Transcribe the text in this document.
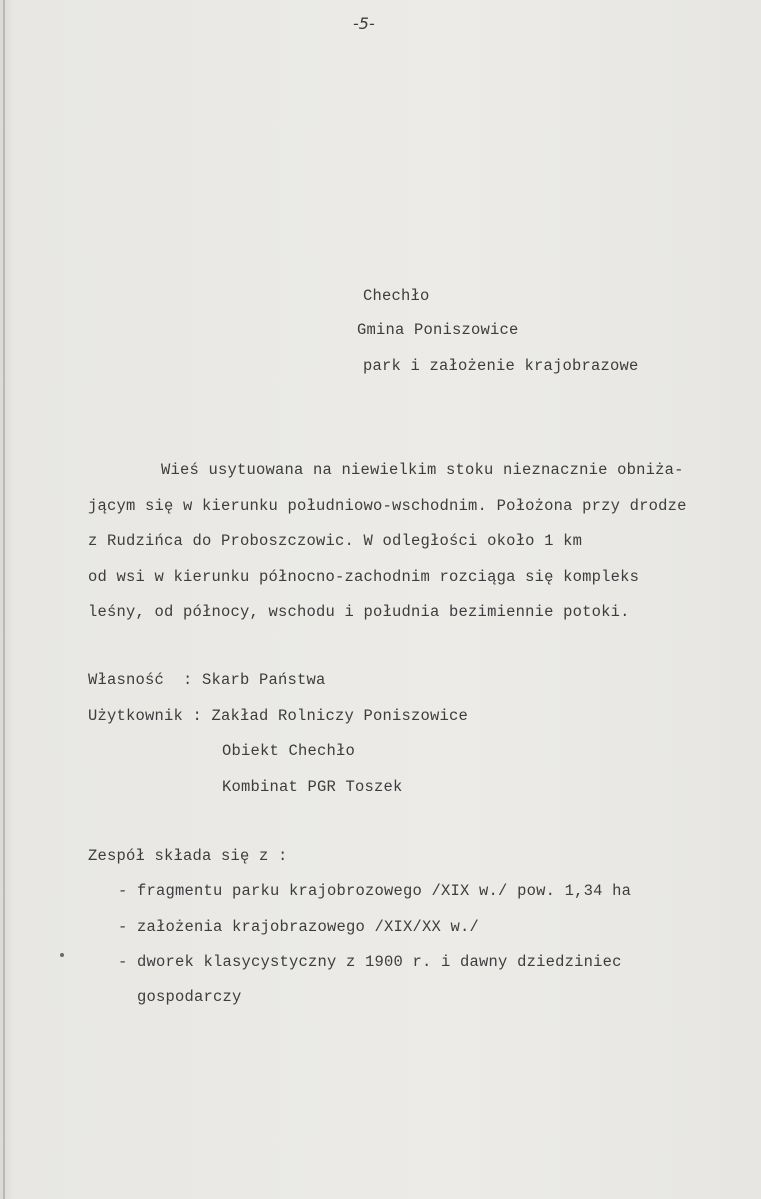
-5-
Chechło
Gmina Poniszowice
park i założenie krajobrazowe
Wieś usytuowana na niewielkim stoku nieznacznie obniża-
jącym się w kierunku południowo-wschodnim. Położona przy drodze
z Rudzińca do Proboszczowic. W odległości około 1 km
od wsi w kierunku północno-zachodnim rozciąga się kompleks
leśny, od północy, wschodu i południa bezimiennie potoki.
Własność  : Skarb Państwa
Użytkownik : Zakład Rolniczy Poniszowice
Obiekt Chechło
Kombinat PGR Toszek
Zespół składa się z :
- fragmentu parku krajobrozowego /XIX w./ pow. 1,34 ha
- założenia krajobrazowego /XIX/XX w./
- dworek klasycystyczny z 1900 r. i dawny dziedziniec
gospodarczy
